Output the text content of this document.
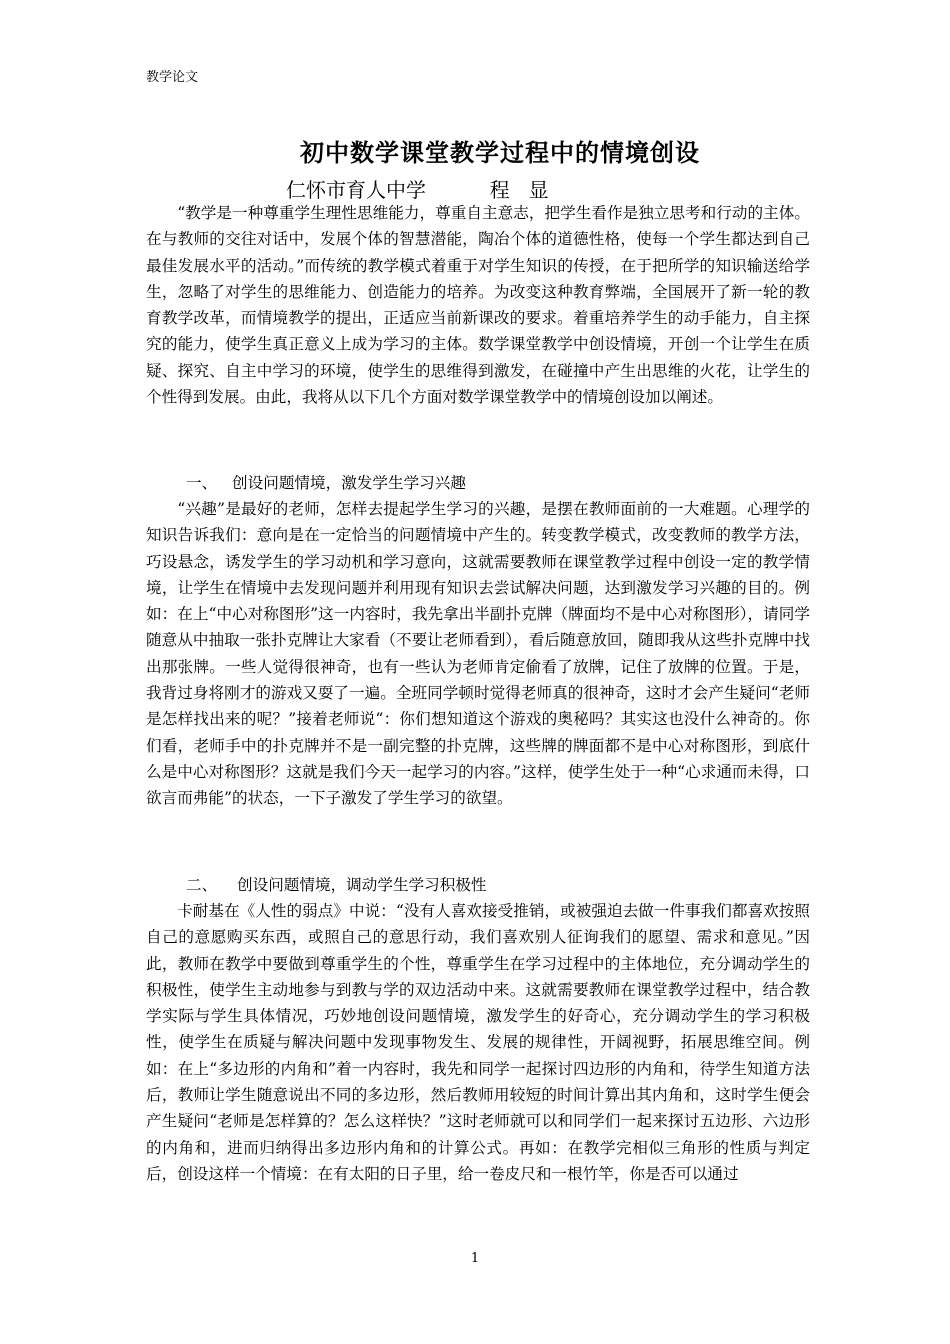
教学论文
初中数学课堂教学过程中的情境创设
仁怀市育人中学          程   显

“教学是一种尊重学生理性思维能力，尊重自主意志，把学生看作是独立思考和行动的主体。在与教师的交往对话中，发展个体的智慧潜能，陶冶个体的道德性格，使每一个学生都达到自己最佳发展水平的活动。”而传统的教学模式着重于对学生知识的传授，在于把所学的知识输送给学生，忽略了对学生的思维能力、创造能力的培养。为改变这种教育弊端，全国展开了新一轮的教育教学改革，而情境教学的提出，正适应当前新课改的要求。着重培养学生的动手能力，自主探究的能力，使学生真正意义上成为学习的主体。数学课堂教学中创设情境，开创一个让学生在质疑、探究、自主中学习的环境，使学生的思维得到激发，在碰撞中产生出思维的火花，让学生的个性得到发展。由此，我将从以下几个方面对数学课堂教学中的情境创设加以阐述。

一、   创设问题情境，激发学生学习兴趣

“兴趣”是最好的老师，怎样去提起学生学习的兴趣，是摆在教师面前的一大难题。心理学的知识告诉我们：意向是在一定恰当的问题情境中产生的。转变教学模式，改变教师的教学方法，巧设悬念，诱发学生的学习动机和学习意向，这就需要教师在课堂教学过程中创设一定的教学情境，让学生在情境中去发现问题并利用现有知识去尝试解决问题，达到激发学习兴趣的目的。例如：在上“中心对称图形”这一内容时，我先拿出半副扑克牌（牌面均不是中心对称图形），请同学随意从中抽取一张扑克牌让大家看（不要让老师看到），看后随意放回，随即我从这些扑克牌中找出那张牌。一些人觉得很神奇，也有一些认为老师肯定偷看了放牌，记住了放牌的位置。于是，我背过身将刚才的游戏又耍了一遍。全班同学顿时觉得老师真的很神奇，这时才会产生疑问“老师是怎样找出来的呢？”接着老师说“：你们想知道这个游戏的奥秘吗？其实这也没什么神奇的。你们看，老师手中的扑克牌并不是一副完整的扑克牌，这些牌的牌面都不是中心对称图形，到底什么是中心对称图形？这就是我们今天一起学习的内容。”这样，使学生处于一种“心求通而未得，口欲言而弗能”的状态，一下子激发了学生学习的欲望。

二、    创设问题情境，调动学生学习积极性

卡耐基在《人性的弱点》中说：“没有人喜欢接受推销，或被强迫去做一件事我们都喜欢按照自己的意愿购买东西，或照自己的意思行动，我们喜欢别人征询我们的愿望、需求和意见。”因此，教师在教学中要做到尊重学生的个性，尊重学生在学习过程中的主体地位，充分调动学生的积极性，使学生主动地参与到教与学的双边活动中来。这就需要教师在课堂教学过程中，结合教学实际与学生具体情况，巧妙地创设问题情境，激发学生的好奇心，充分调动学生的学习积极性，使学生在质疑与解决问题中发现事物发生、发展的规律性，开阔视野，拓展思维空间。例如：在上“多边形的内角和”着一内容时，我先和同学一起探讨四边形的内角和，待学生知道方法后，教师让学生随意说出不同的多边形，然后教师用较短的时间计算出其内角和，这时学生便会产生疑问“老师是怎样算的？怎么这样快？”这时老师就可以和同学们一起来探讨五边形、六边形的内角和，进而归纳得出多边形内角和的计算公式。再如：在教学完相似三角形的性质与判定后，创设这样一个情境：在有太阳的日子里，给一卷皮尺和一根竹竿，你是否可以通过

1
